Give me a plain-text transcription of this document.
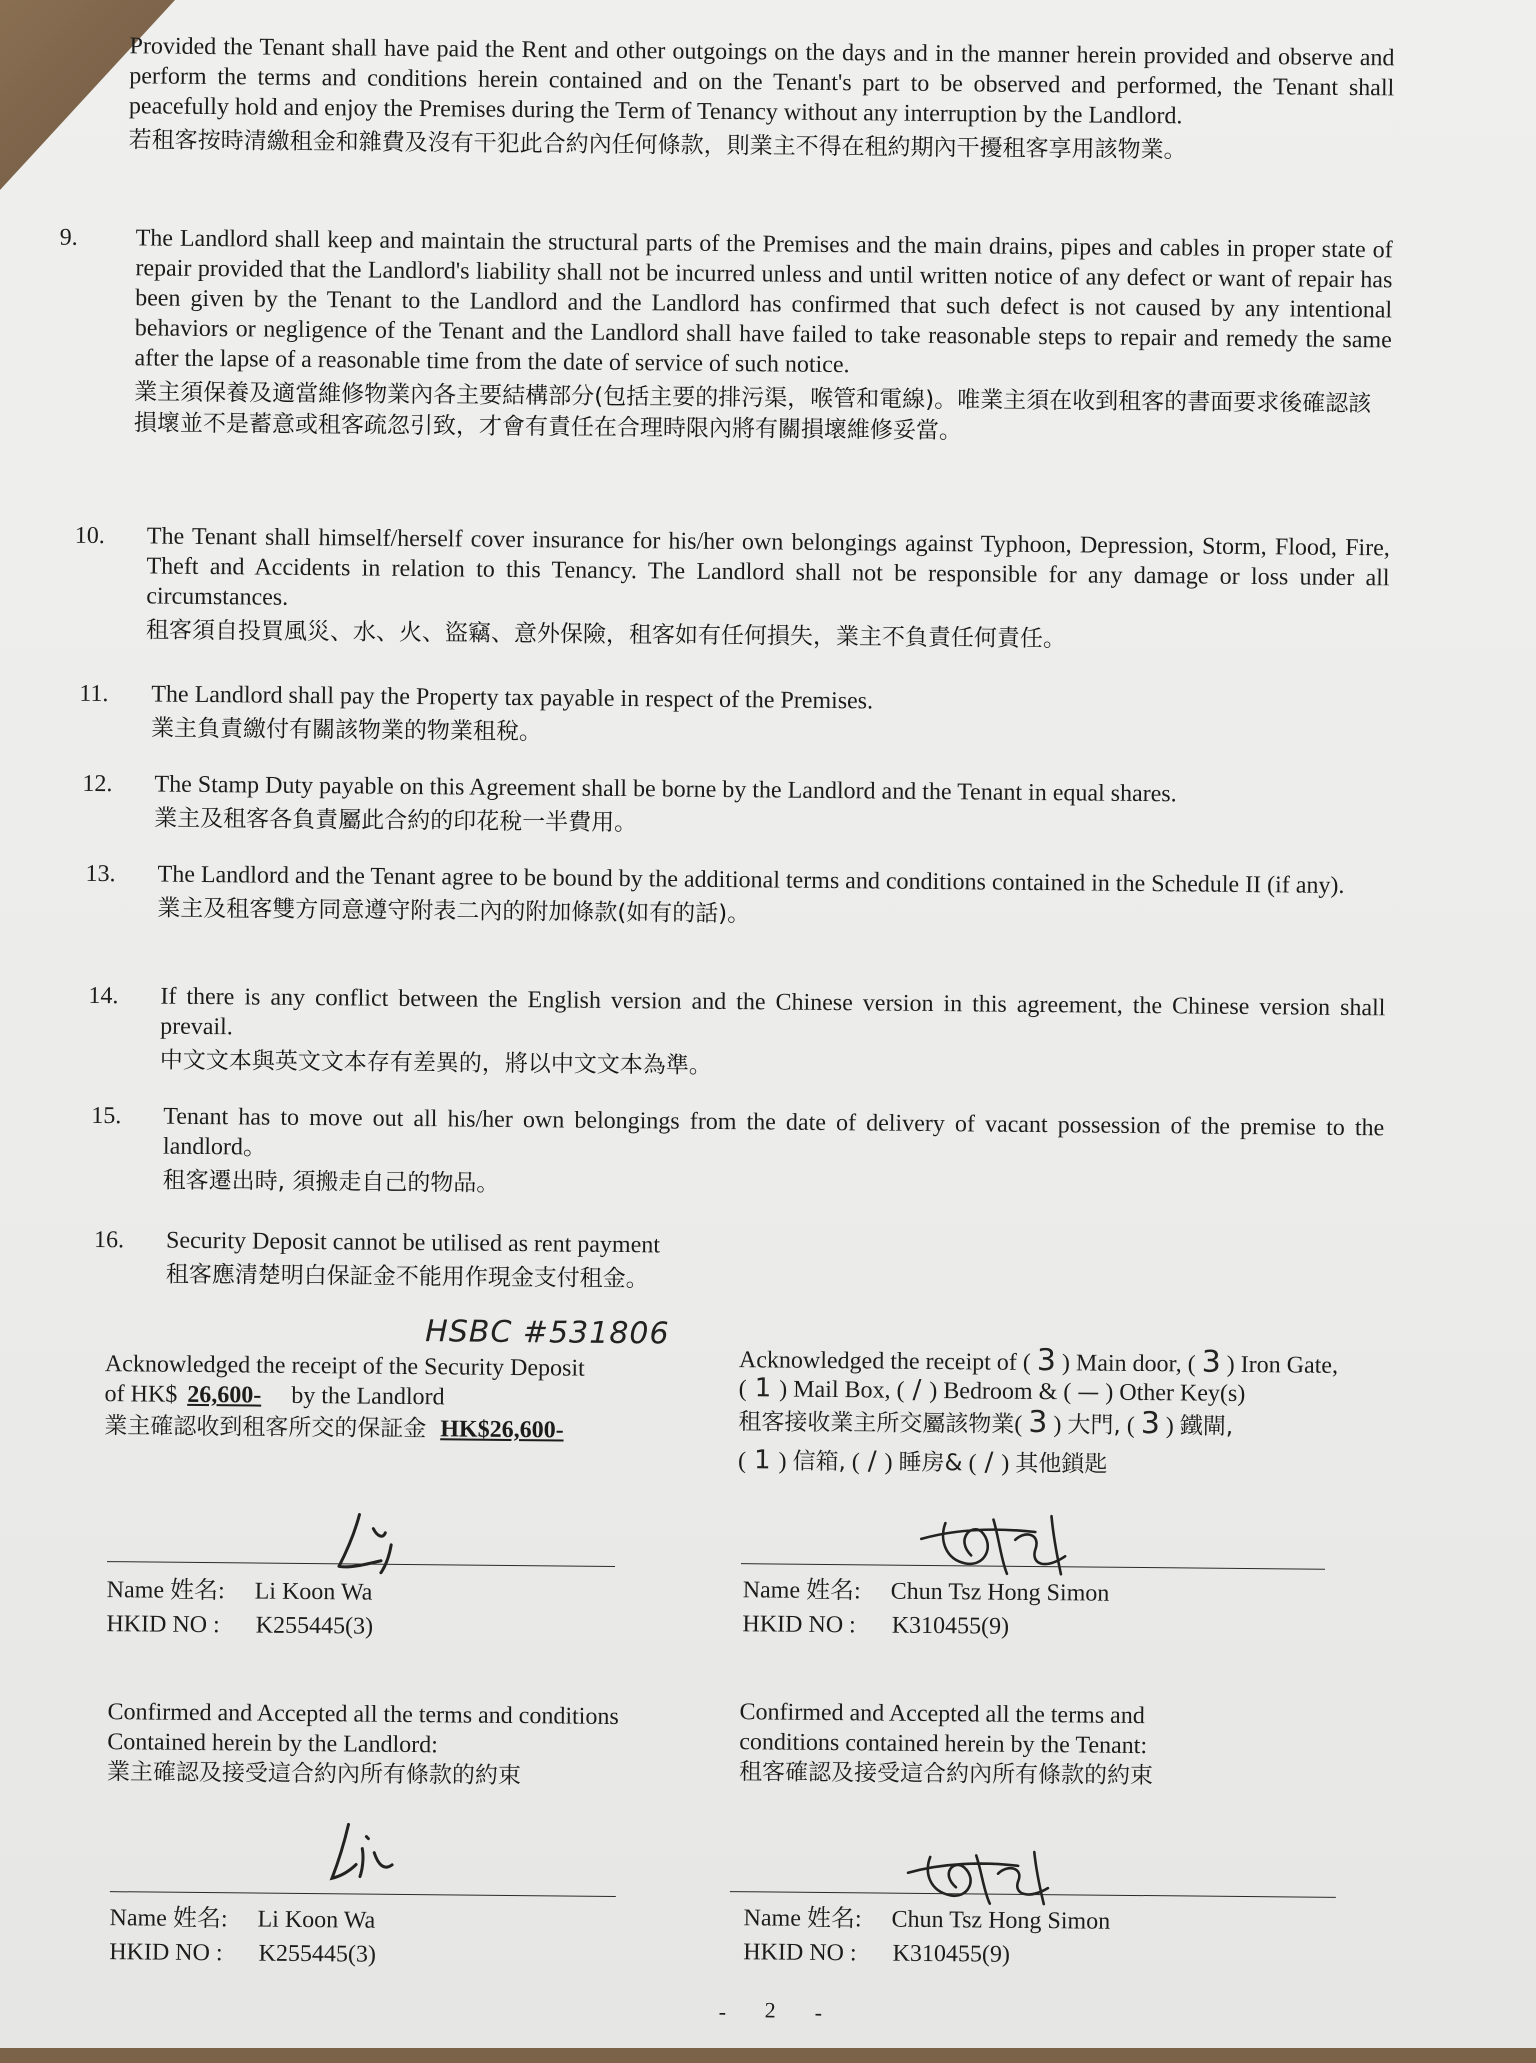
Provided the Tenant shall have paid the Rent and other outgoings on the days and in the manner herein provided and observe and perform the terms and conditions herein contained and on the Tenant's part to be observed and performed, the Tenant shall peacefully hold and enjoy the Premises during the Term of Tenancy without any interruption by the Landlord.

若租客按時清繳租金和雜費及沒有干犯此合約內任何條款，則業主不得在租約期內干擾租客享用該物業。

9. The Landlord shall keep and maintain the structural parts of the Premises and the main drains, pipes and cables in proper state of repair provided that the Landlord's liability shall not be incurred unless and until written notice of any defect or want of repair has been given by the Tenant to the Landlord and the Landlord has confirmed that such defect is not caused by any intentional behaviors or negligence of the Tenant and the Landlord shall have failed to take reasonable steps to repair and remedy the same after the lapse of a reasonable time from the date of service of such notice.

業主須保養及適當維修物業內各主要結構部分(包括主要的排污渠，喉管和電線)。唯業主須在收到租客的書面要求後確認該損壞並不是蓄意或租客疏忽引致，才會有責任在合理時限內將有關損壞維修妥當。

10. The Tenant shall himself/herself cover insurance for his/her own belongings against Typhoon, Depression, Storm, Flood, Fire, Theft and Accidents in relation to this Tenancy. The Landlord shall not be responsible for any damage or loss under all circumstances.

租客須自投買風災、水、火、盜竊、意外保險，租客如有任何損失，業主不負責任何責任。

11. The Landlord shall pay the Property tax payable in respect of the Premises.

業主負責繳付有關該物業的物業租稅。

12. The Stamp Duty payable on this Agreement shall be borne by the Landlord and the Tenant in equal shares.

業主及租客各負責屬此合約的印花稅一半費用。

13. The Landlord and the Tenant agree to be bound by the additional terms and conditions contained in the Schedule II (if any).

業主及租客雙方同意遵守附表二內的附加條款(如有的話)。

14. If there is any conflict between the English version and the Chinese version in this agreement, the Chinese version shall prevail.

中文文本與英文文本存有差異的，將以中文文本為準。

15. Tenant has to move out all his/her own belongings from the date of delivery of vacant possession of the premise to the landlord。

租客遷出時, 須搬走自己的物品。

16. Security Deposit cannot be utilised as rent payment

租客應清楚明白保証金不能用作現金支付租金。

HSBC #531806
Acknowledged the receipt of the Security Deposit
of HK$ 26,600- by the Landlord
業主確認收到租客所交的保証金 HK$26,600-
Acknowledged the receipt of ( 3 ) Main door, ( 3 ) Iron Gate,
( 1 ) Mail Box, ( / ) Bedroom & ( — ) Other Key(s)
租客接收業主所交屬該物業( 3 ) 大門, ( 3 ) 鐵閘,
( 1 ) 信箱, ( / ) 睡房& ( / ) 其他鎖匙
Name 姓名: Li Koon Wa
HKID NO : K255445(3)
Name 姓名: Chun Tsz Hong Simon
HKID NO : K310455(9)
Confirmed and Accepted all the terms and conditions
Contained herein by the Landlord:
業主確認及接受這合約內所有條款的約束
Confirmed and Accepted all the terms and
conditions contained herein by the Tenant:
租客確認及接受這合約內所有條款的約束
Name 姓名: Li Koon Wa
HKID NO : K255445(3)
Name 姓名: Chun Tsz Hong Simon
HKID NO : K310455(9)
- 2 -
